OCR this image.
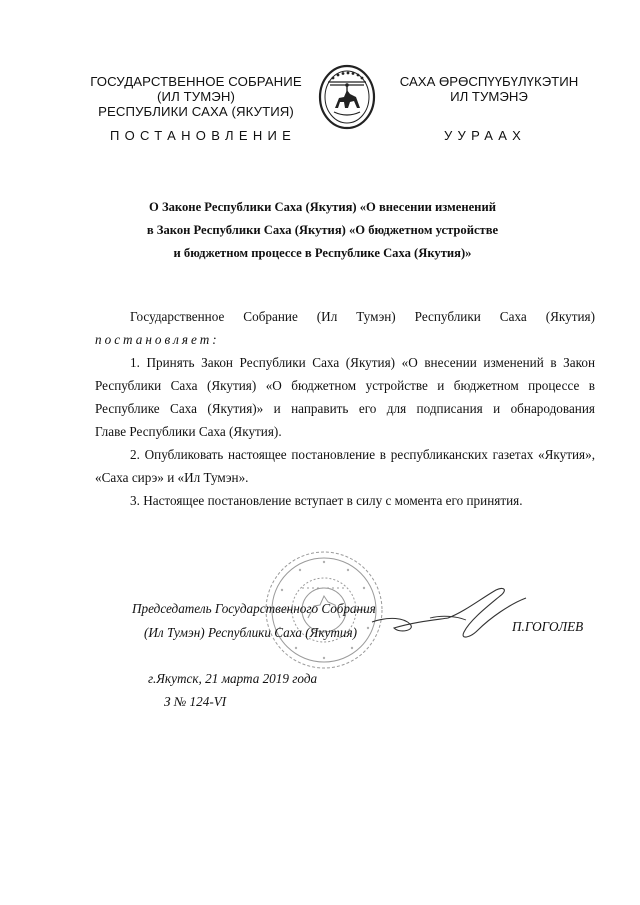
ГОСУДАРСТВЕННОЕ СОБРАНИЕ
(ИЛ ТУМЭН)
РЕСПУБЛИКИ САХА (ЯКУТИЯ)
САХА ӨРӨСПҮҮБҮЛҮКЭТИН
ИЛ ТУМЭНЭ
ПОСТАНОВЛЕНИЕ	УУРААХ
О Законе Республики Саха (Якутия) «О внесении изменений
в Закон Республики Саха (Якутия) «О бюджетном устройстве
и бюджетном процессе в Республике Саха (Якутия)»
Государственное Собрание (Ил Тумэн) Республики Саха (Якутия)
постановляет:
1. Принять Закон Республики Саха (Якутия) «О внесении изменений в Закон
Республики Саха (Якутия) «О бюджетном устройстве и бюджетном процессе в
Республике Саха (Якутия)» и направить его для подписания и обнародования
Главе Республики Саха (Якутия).
2. Опубликовать настоящее постановление в республиканских газетах «Якутия»,
«Саха сирэ» и «Ил Тумэн».
3. Настоящее постановление вступает в силу с момента его принятия.
Председатель Государственного Собрания
(Ил Тумэн) Республики Саха (Якутия)	П.ГОГОЛЕВ
г.Якутск, 21 марта 2019 года
З № 124-VI
